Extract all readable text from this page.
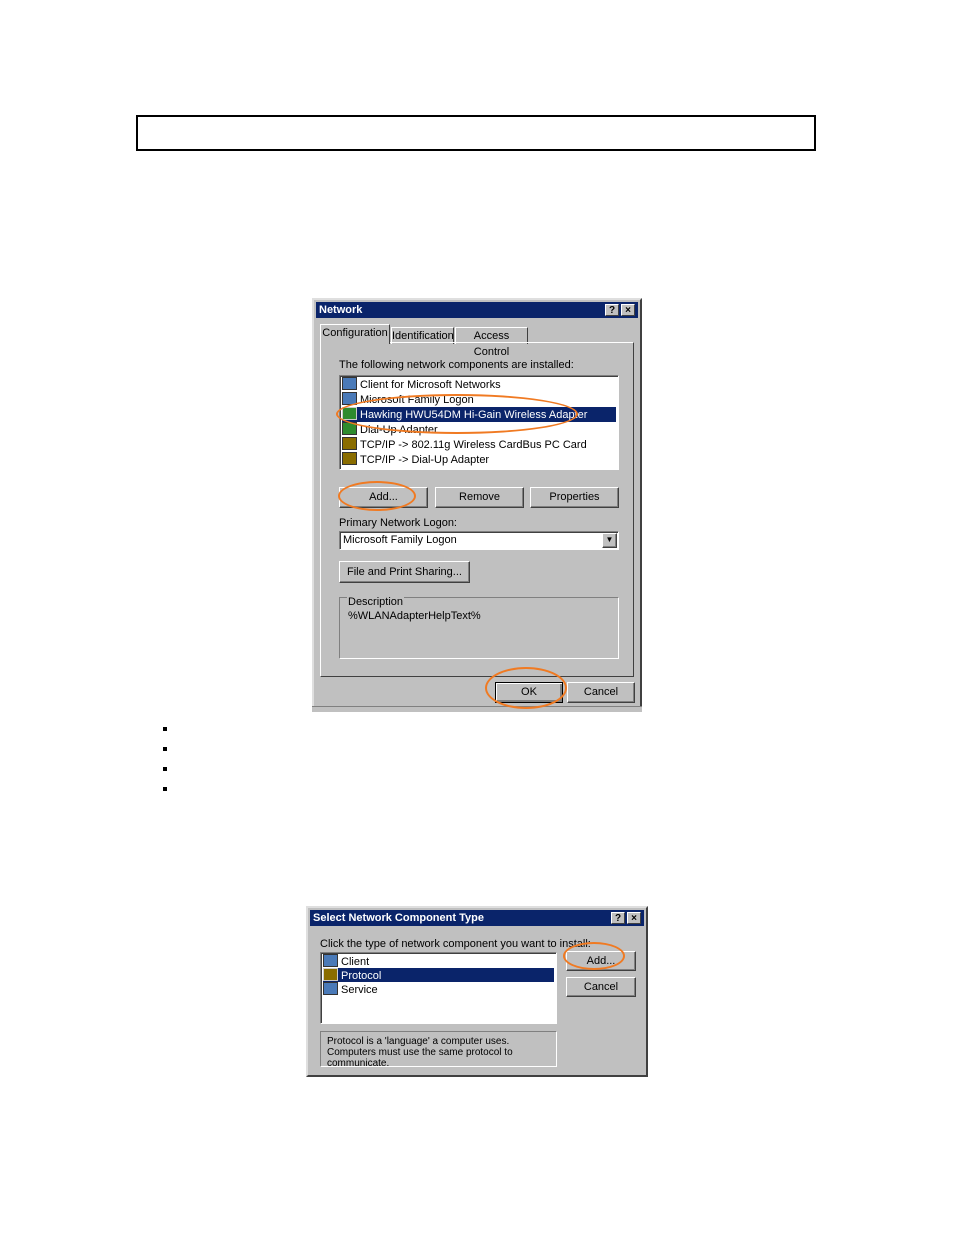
Network	?	×
Configuration Identification	Access Control
The following network components are installed:
Client for Microsoft Networks
Microsoft Family Logon
Hawking HWU54DM Hi-Gain Wireless Adapter
Dial-Up Adapter
TCP/IP -> 802.11g Wireless CardBus PC Card
TCP/IP -> Dial-Up Adapter
Add...	Remove	Properties
Primary Network Logon:
Microsoft Family Logon	▼
File and Print Sharing...
Description
%WLANAdapterHelpText%
OK	Cancel
Select Network Component Type	?	×
Click the type of network component you want to install:
Client
Protocol
Service
Add...
Cancel
Protocol is a 'language' a computer uses. Computers must use the same protocol to communicate.
